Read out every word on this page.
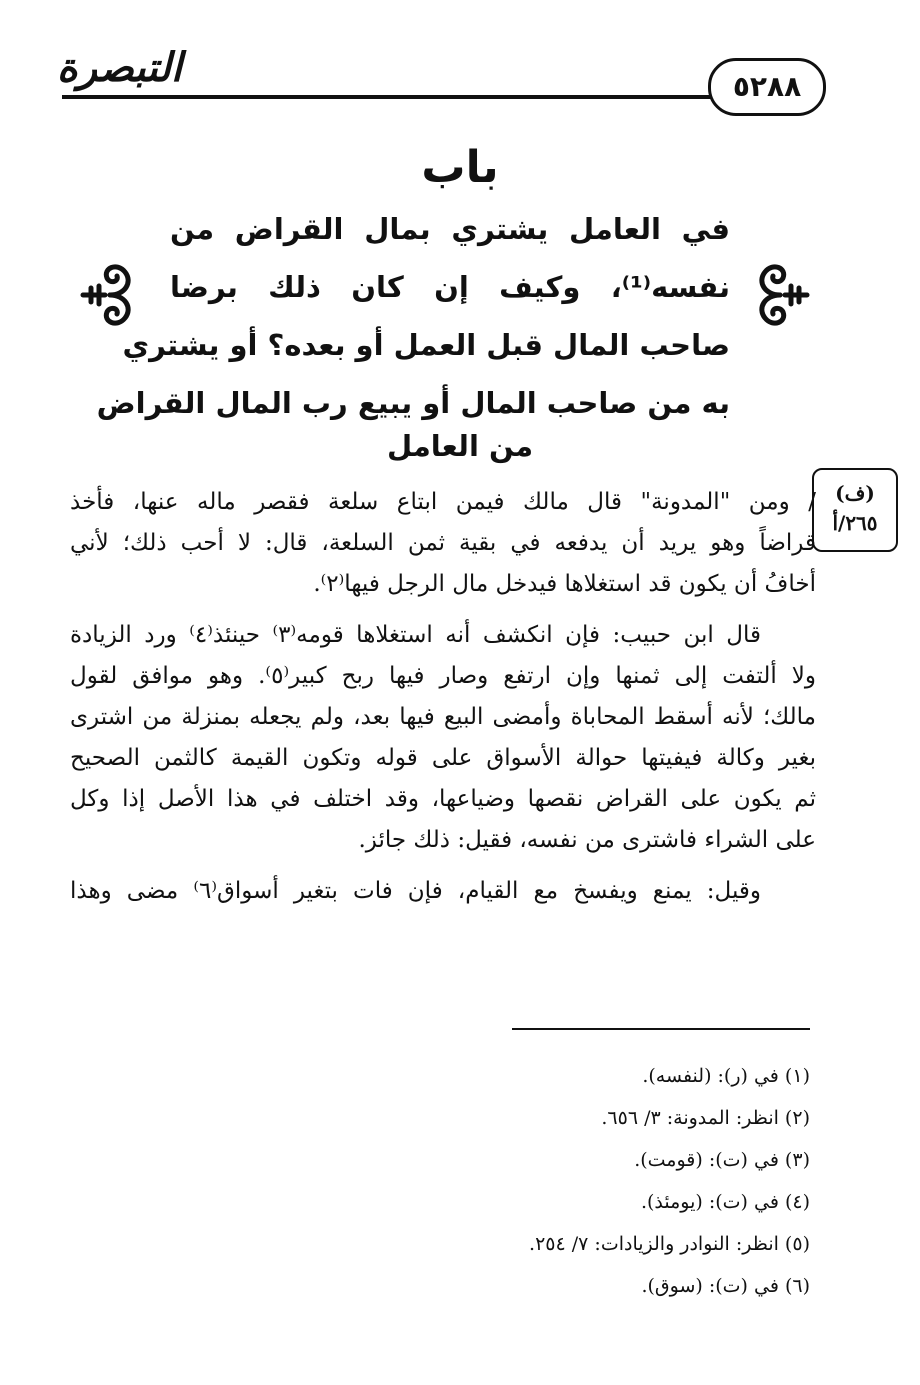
التبصرة	٥٢٨٨
باب
في العامل يشتري بمال القراض من
نفسه⁽¹⁾، وكيف إن كان ذلك برضا
صاحب المال قبل العمل أو بعده؟ أو يشتري
به من صاحب المال أو يبيع رب المال القراض
من العامل
(ف)
٢٦٥/أ
/ ومن "المدونة" قال مالك فيمن ابتاع سلعة فقصر ماله عنها، فأخذ
قراضاً وهو يريد أن يدفعه في بقية ثمن السلعة، قال: لا أحب ذلك؛ لأني
أخافُ أن يكون قد استغلاها فيدخل مال الرجل فيها⁽٢⁾.
قال ابن حبيب: فإن انكشف أنه استغلاها قومه⁽٣⁾ حينئذ⁽٤⁾ ورد الزيادة
ولا ألتفت إلى ثمنها وإن ارتفع وصار فيها ربح كبير⁽٥⁾. وهو موافق لقول
مالك؛ لأنه أسقط المحاباة وأمضى البيع فيها بعد، ولم يجعله بمنزلة من اشترى
بغير وكالة فيفيتها حوالة الأسواق على قوله وتكون القيمة كالثمن الصحيح
ثم يكون على القراض نقصها وضياعها، وقد اختلف في هذا الأصل إذا وكل
على الشراء فاشترى من نفسه، فقيل: ذلك جائز.
وقيل: يمنع ويفسخ مع القيام، فإن فات بتغير أسواق⁽٦⁾ مضى وهذا
(١) في (ر): (لنفسه).
(٢) انظر: المدونة: ٣/ ٦٥٦.
(٣) في (ت): (قومت).
(٤) في (ت): (يومئذ).
(٥) انظر: النوادر والزيادات: ٧/ ٢٥٤.
(٦) في (ت): (سوق).
